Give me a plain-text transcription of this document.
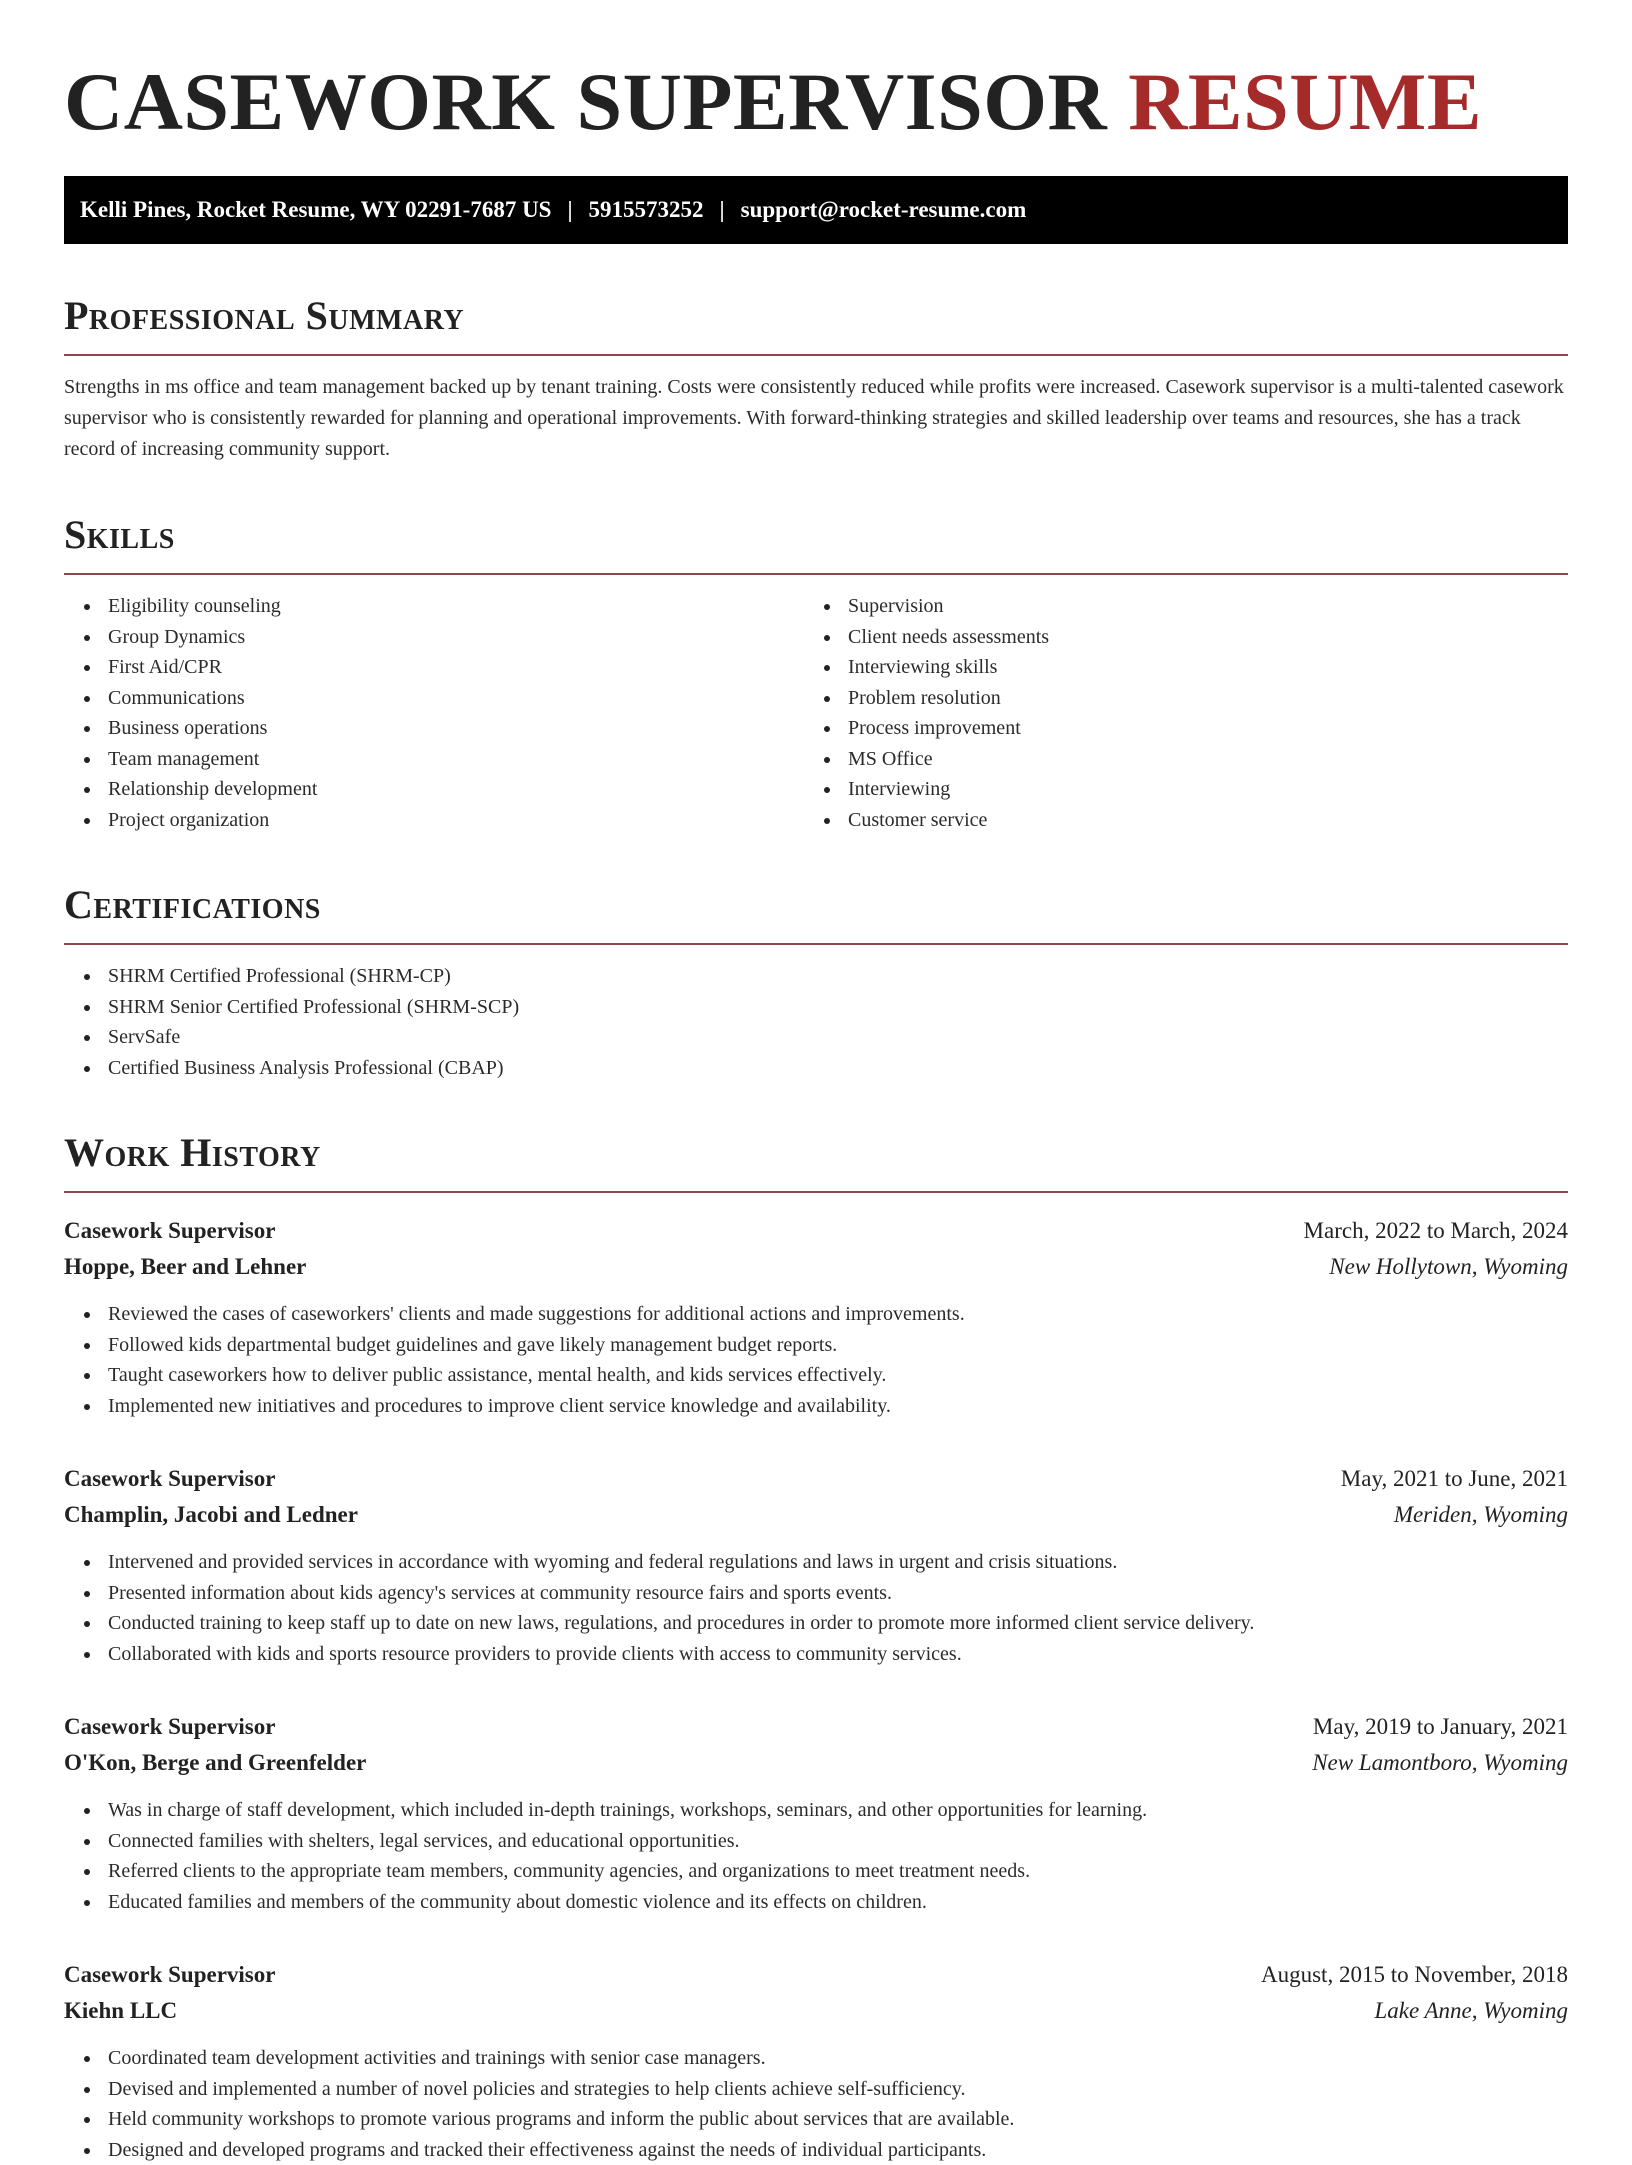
CASEWORK SUPERVISOR RESUME
Kelli Pines, Rocket Resume, WY 02291-7687 US | 5915573252 | support@rocket-resume.com
Professional Summary

Strengths in ms office and team management backed up by tenant training. Costs were consistently reduced while profits were increased. Casework supervisor is a multi-talented casework supervisor who is consistently rewarded for planning and operational improvements. With forward-thinking strategies and skilled leadership over teams and resources, she has a track record of increasing community support.

Skills
Eligibility counseling
Group Dynamics
First Aid/CPR
Communications
Business operations
Team management
Relationship development
Project organization
Supervision
Client needs assessments
Interviewing skills
Problem resolution
Process improvement
MS Office
Interviewing
Customer service
Certifications
SHRM Certified Professional (SHRM-CP)
SHRM Senior Certified Professional (SHRM-SCP)
ServSafe
Certified Business Analysis Professional (CBAP)
Work History
Casework Supervisor	March, 2022 to March, 2024
Hoppe, Beer and Lehner	New Hollytown, Wyoming
Reviewed the cases of caseworkers' clients and made suggestions for additional actions and improvements.
Followed kids departmental budget guidelines and gave likely management budget reports.
Taught caseworkers how to deliver public assistance, mental health, and kids services effectively.
Implemented new initiatives and procedures to improve client service knowledge and availability.
Casework Supervisor	May, 2021 to June, 2021
Champlin, Jacobi and Ledner	Meriden, Wyoming
Intervened and provided services in accordance with wyoming and federal regulations and laws in urgent and crisis situations.
Presented information about kids agency's services at community resource fairs and sports events.
Conducted training to keep staff up to date on new laws, regulations, and procedures in order to promote more informed client service delivery.
Collaborated with kids and sports resource providers to provide clients with access to community services.
Casework Supervisor	May, 2019 to January, 2021
O'Kon, Berge and Greenfelder	New Lamontboro, Wyoming
Was in charge of staff development, which included in-depth trainings, workshops, seminars, and other opportunities for learning.
Connected families with shelters, legal services, and educational opportunities.
Referred clients to the appropriate team members, community agencies, and organizations to meet treatment needs.
Educated families and members of the community about domestic violence and its effects on children.
Casework Supervisor	August, 2015 to November, 2018
Kiehn LLC	Lake Anne, Wyoming
Coordinated team development activities and trainings with senior case managers.
Devised and implemented a number of novel policies and strategies to help clients achieve self-sufficiency.
Held community workshops to promote various programs and inform the public about services that are available.
Designed and developed programs and tracked their effectiveness against the needs of individual participants.
